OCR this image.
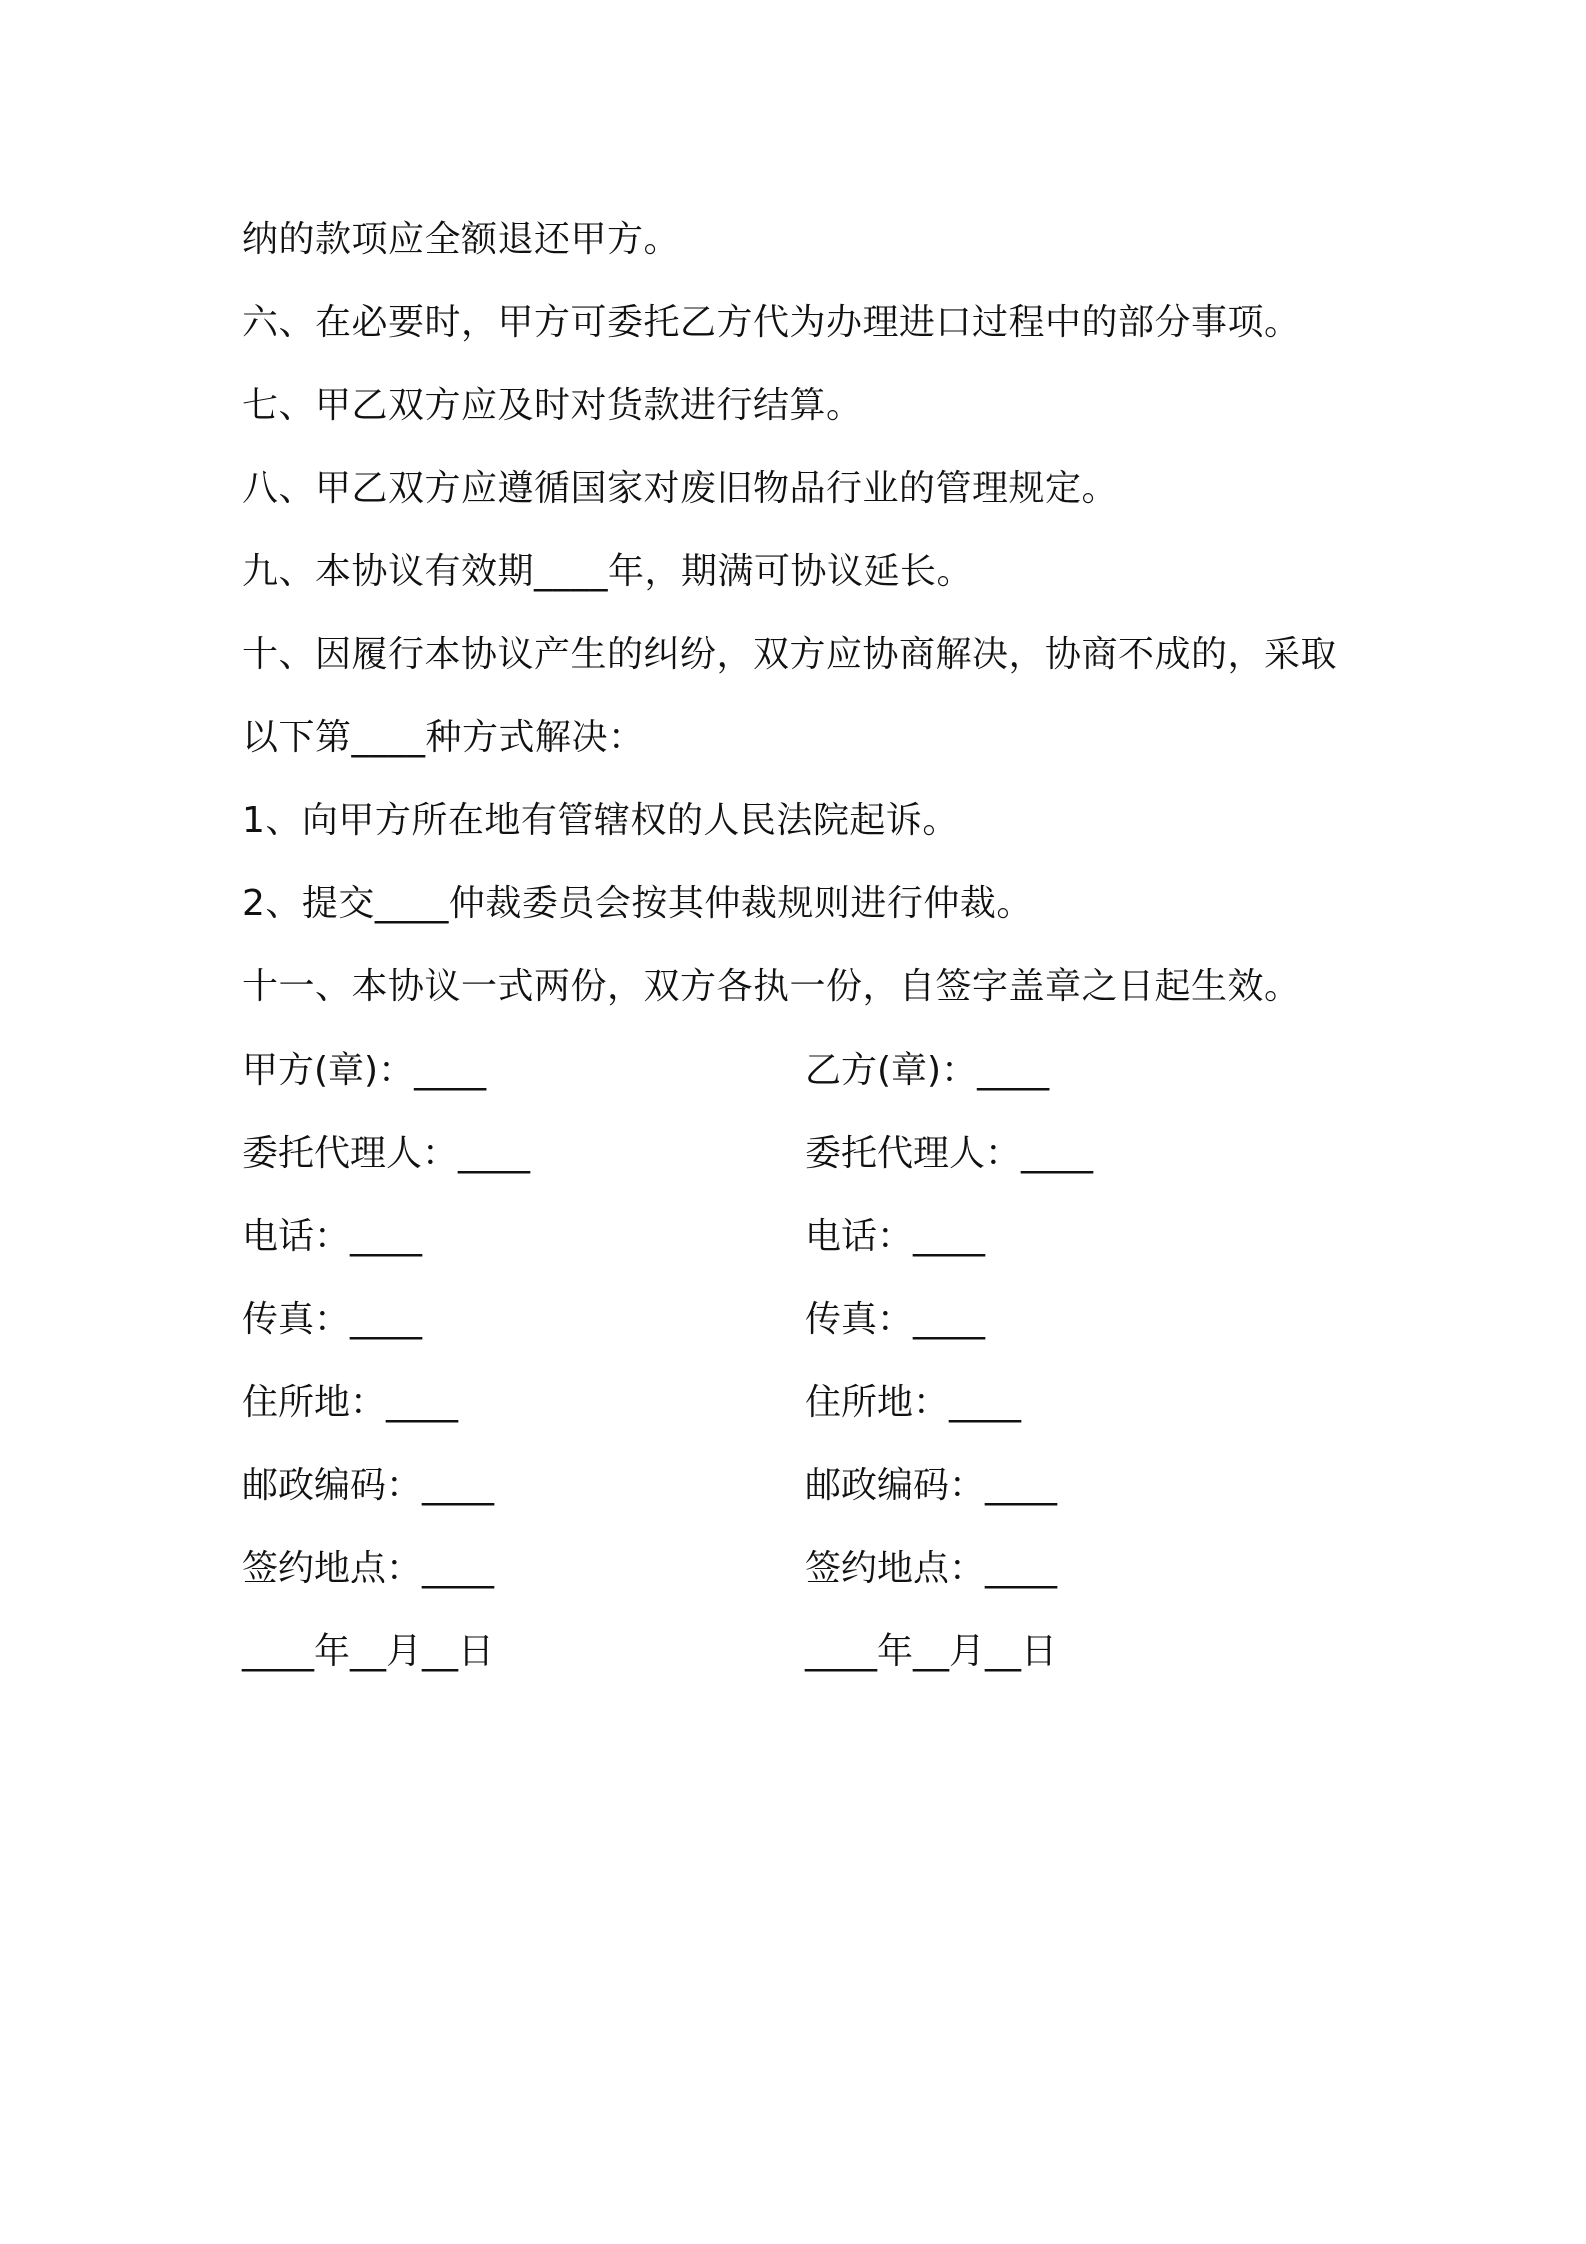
纳的款项应全额退还甲方。
六、在必要时，甲方可委托乙方代为办理进口过程中的部分事项。
七、甲乙双方应及时对货款进行结算。
八、甲乙双方应遵循国家对废旧物品行业的管理规定。
九、本协议有效期____年，期满可协议延长。
十、因履行本协议产生的纠纷，双方应协商解决，协商不成的，采取
以下第____种方式解决：
1、向甲方所在地有管辖权的人民法院起诉。
2、提交____仲裁委员会按其仲裁规则进行仲裁。
十一、本协议一式两份，双方各执一份，自签字盖章之日起生效。
甲方(章)：____	乙方(章)：____
委托代理人：____	委托代理人：____
电话：____	电话：____
传真：____	传真：____
住所地：____	住所地：____
邮政编码：____	邮政编码：____
签约地点：____	签约地点：____
____年__月__日	____年__月__日
